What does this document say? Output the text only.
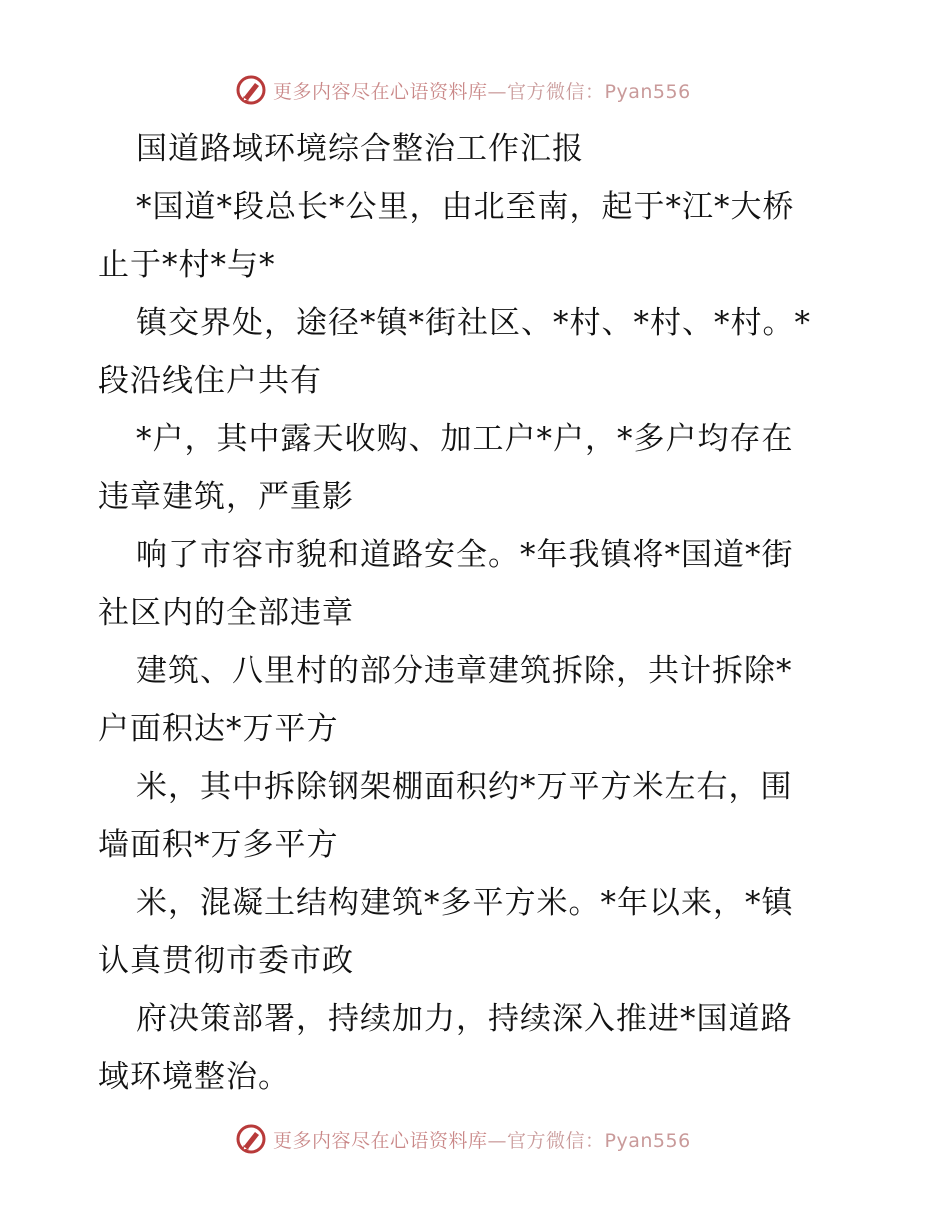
更多内容尽在心语资料库—官方微信：Pyan556
国道路域环境综合整治工作汇报
*国道*段总长*公里，由北至南，起于*江*大桥
止于*村*与*
镇交界处，途径*镇*街社区、*村、*村、*村。*
段沿线住户共有
*户，其中露天收购、加工户*户，*多户均存在
违章建筑，严重影
响了市容市貌和道路安全。*年我镇将*国道*街
社区内的全部违章
建筑、八里村的部分违章建筑拆除，共计拆除*
户面积达*万平方
米，其中拆除钢架棚面积约*万平方米左右，围
墙面积*万多平方
米，混凝土结构建筑*多平方米。*年以来，*镇
认真贯彻市委市政
府决策部署，持续加力，持续深入推进*国道路
域环境整治。
更多内容尽在心语资料库—官方微信：Pyan556
